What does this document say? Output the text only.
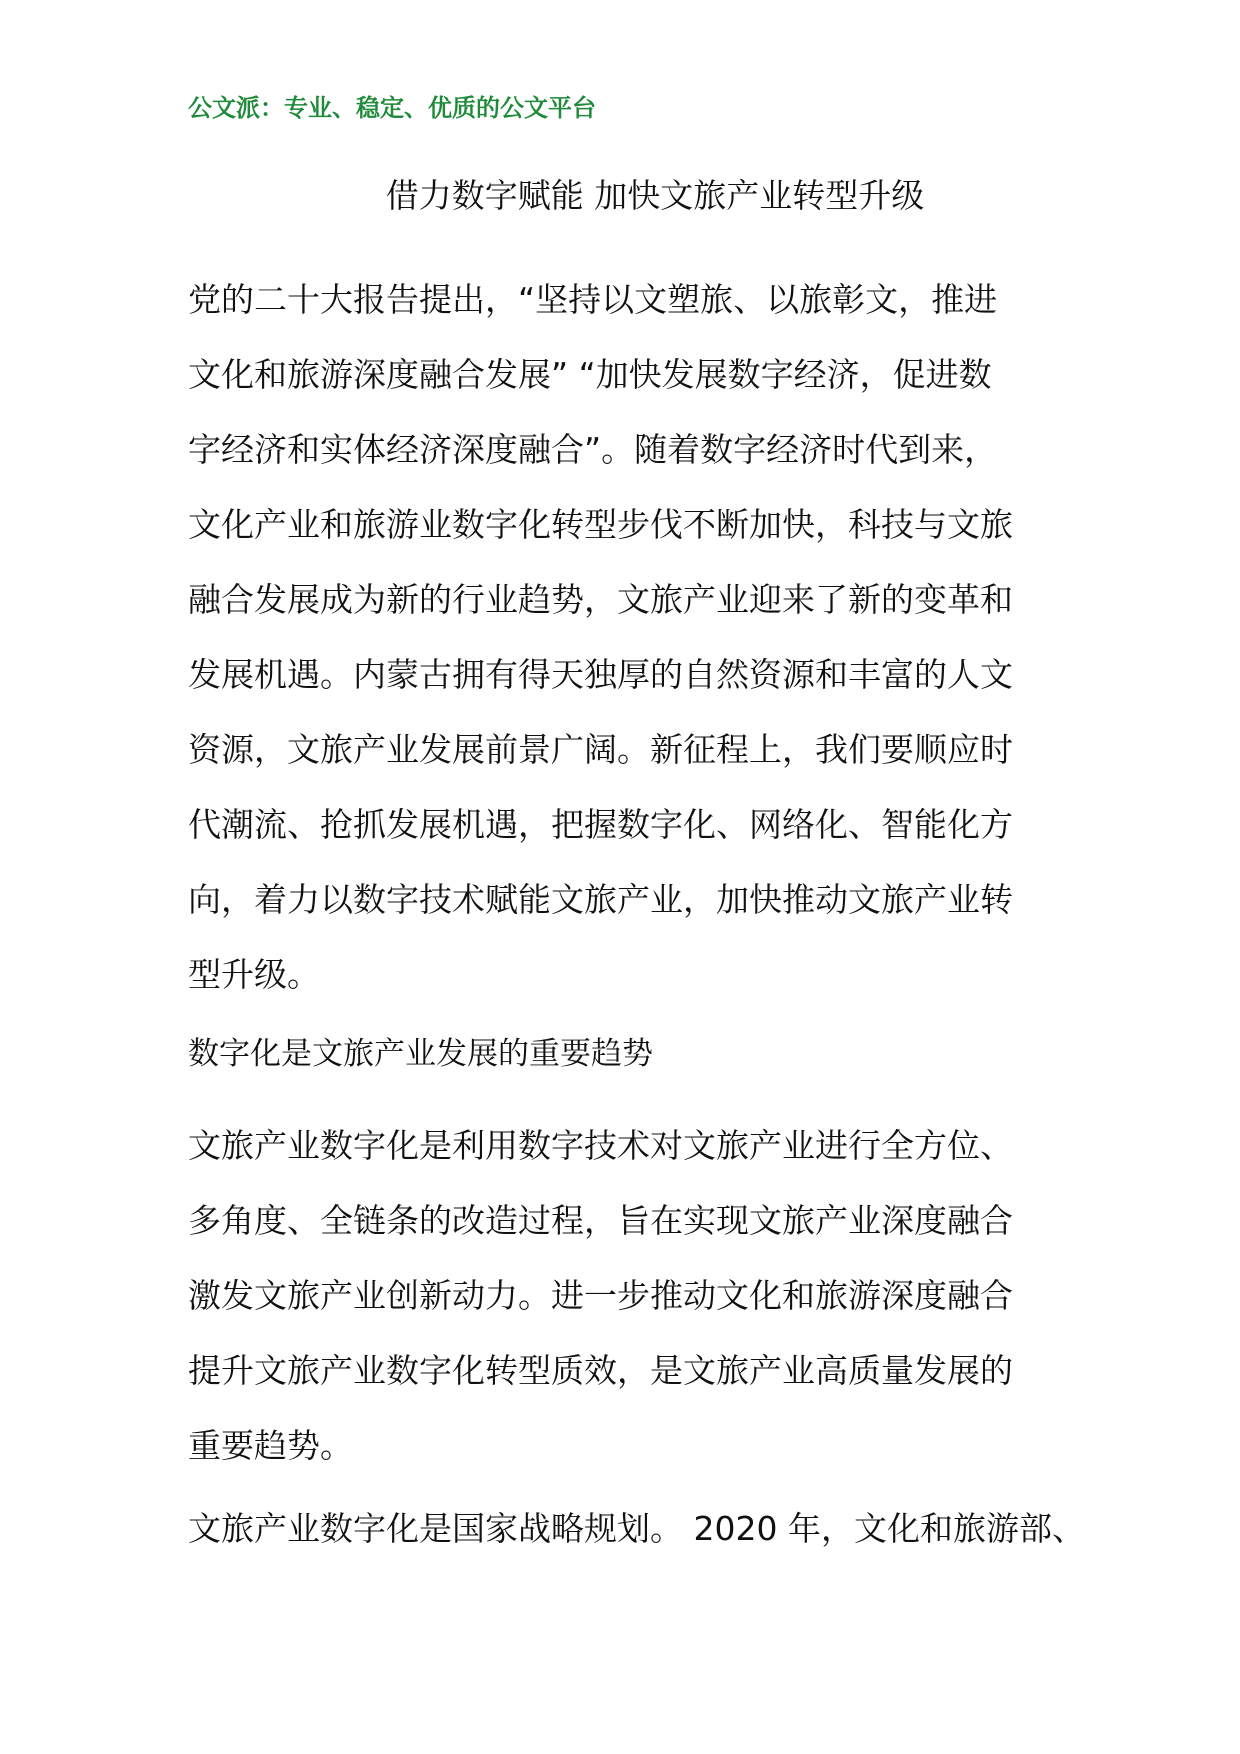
公文派：专业、稳定、优质的公文平台
借力数字赋能 加快文旅产业转型升级

党的二十大报告提出，“坚持以文塑旅、以旅彰文，推进
文化和旅游深度融合发展” “加快发展数字经济，促进数
字经济和实体经济深度融合”。随着数字经济时代到来，
文化产业和旅游业数字化转型步伐不断加快，科技与文旅
融合发展成为新的行业趋势，文旅产业迎来了新的变革和
发展机遇。内蒙古拥有得天独厚的自然资源和丰富的人文
资源，文旅产业发展前景广阔。新征程上，我们要顺应时
代潮流、抢抓发展机遇，把握数字化、网络化、智能化方
向，着力以数字技术赋能文旅产业，加快推动文旅产业转
型升级。

数字化是文旅产业发展的重要趋势

文旅产业数字化是利用数字技术对文旅产业进行全方位、
多角度、全链条的改造过程，旨在实现文旅产业深度融合
激发文旅产业创新动力。进一步推动文化和旅游深度融合
提升文旅产业数字化转型质效，是文旅产业高质量发展的
重要趋势。

文旅产业数字化是国家战略规划。 2020 年，文化和旅游部、
